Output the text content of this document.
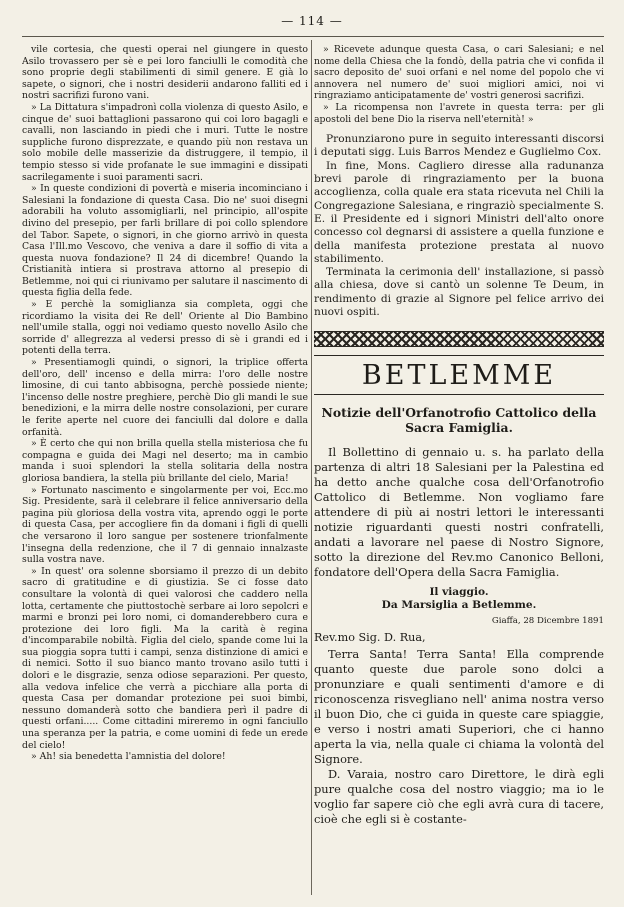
— 114 —

vile cortesia, che questi operai nel giungere in questo Asilo trovassero per sè e pei loro fanciulli le comodità che sono proprie degli stabilimenti di simil genere. E già lo sapete, o signori, che i nostri desiderii andarono falliti ed i nostri sacrifizi furono vani.

» La Dittatura s'impadronì colla violenza di questo Asilo, e cinque de' suoi battaglioni passarono qui coi loro bagagli e cavalli, non lasciando in piedi che i muri. Tutte le nostre suppliche furono disprezzate, e quando più non restava un solo mobile delle masserizie da distruggere, il tempio, il tempio stesso si vide profanate le sue immagini e dissipati sacrilegamente i suoi paramenti sacri.

» In queste condizioni di povertà e miseria incominciano i Salesiani la fondazione di questa Casa. Dio ne' suoi disegni adorabili ha voluto assomigliarli, nel principio, all'ospite divino del presepio, per farli brillare di poi collo splendore del Tabor. Sapete, o signori, in che giorno arrivò in questa Casa l'Ill.mo Vescovo, che veniva a dare il soffio di vita a questa nuova fondazione? Il 24 di dicembre! Quando la Cristianità intiera si prostrava attorno al presepio di Betlemme, noi qui ci riunivamo per salutare il nascimento di questa figlia della fede.

» E perchè la somiglianza sia completa, oggi che ricordiamo la visita dei Re dell' Oriente al Dio Bambino nell'umile stalla, oggi noi vediamo questo novello Asilo che sorride d' allegrezza al vedersi presso di sè i grandi ed i potenti della terra.

» Presentiamogli quindi, o signori, la triplice offerta dell'oro, dell' incenso e della mirra: l'oro delle nostre limosine, di cui tanto abbisogna, perchè possiede niente; l'incenso delle nostre preghiere, perchè Dio gli mandi le sue benedizioni, e la mirra delle nostre consolazioni, per curare le ferite aperte nel cuore dei fanciulli dal dolore e dalla orfanità.

» È certo che qui non brilla quella stella misteriosa che fu compagna e guida dei Magi nel deserto; ma in cambio manda i suoi splendori la stella solitaria della nostra gloriosa bandiera, la stella più brillante del cielo, Maria!

» Fortunato nascimento e singolarmente per voi, Ecc.mo Sig. Presidente, sarà il celebrare il felice anniversario della pagina più gloriosa della vostra vita, aprendo oggi le porte di questa Casa, per accogliere fin da domani i figli di quelli che versarono il loro sangue per sostenere trionfalmente l'insegna della redenzione, che il 7 di gennaio innalzaste sulla vostra nave.

» In quest' ora solenne sborsiamo il prezzo di un debito sacro di gratitudine e di giustizia. Se ci fosse dato consultare la volontà di quei valorosi che caddero nella lotta, certamente che piuttostochè serbare ai loro sepolcri e marmi e bronzi pei loro nomi, ci domanderebbero cura e protezione dei loro figli. Ma la carità è regina d'incomparabile nobiltà. Figlia del cielo, spande come lui la sua pioggia sopra tutti i campi, senza distinzione di amici e di nemici. Sotto il suo bianco manto trovano asilo tutti i dolori e le disgrazie, senza odiose separazioni. Per questo, alla vedova infelice che verrà a picchiare alla porta di questa Casa per domandar protezione pei suoi bimbi, nessuno domanderà sotto che bandiera perì il padre di questi orfani..... Come cittadini mireremo in ogni fanciullo una speranza per la patria, e come uomini di fede un erede del cielo!

» Ah! sia benedetta l'amnistia del dolore!

» Ricevete adunque questa Casa, o cari Salesiani; e nel nome della Chiesa che la fondò, della patria che vi confida il sacro deposito de' suoi orfani e nel nome del popolo che vi annovera nel numero de' suoi migliori amici, noi vi ringraziamo anticipatamente de' vostri generosi sacrifizi.

» La ricompensa non l'avrete in questa terra: per gli apostoli del bene Dio la riserva nell'eternità! »

Pronunziarono pure in seguito interessanti discorsi i deputati sigg. Luis Barros Mendez e Guglielmo Cox.

In fine, Mons. Cagliero diresse alla radunanza brevi parole di ringraziamento per la buona accoglienza, colla quale era stata ricevuta nel Chili la Congregazione Salesiana, e ringraziò specialmente S. E. il Presidente ed i signori Ministri dell'alto onore concesso col degnarsi di assistere a quella funzione e della manifesta protezione prestata al nuovo stabilimento.

Terminata la cerimonia dell' installazione, si passò alla chiesa, dove si cantò un solenne Te Deum, in rendimento di grazie al Signore pel felice arrivo dei nuovi ospiti.

BETLEMME
Notizie dell'Orfanotrofio Cattolico della Sacra Famiglia.

Il Bollettino di gennaio u. s. ha parlato della partenza di altri 18 Salesiani per la Palestina ed ha detto anche qualche cosa dell'Orfanotrofio Cattolico di Betlemme. Non vogliamo fare attendere di più ai nostri lettori le interessanti notizie riguardanti questi nostri confratelli, andati a lavorare nel paese di Nostro Signore, sotto la direzione del Rev.mo Canonico Belloni, fondatore dell'Opera della Sacra Famiglia.

Il viaggio.
Da Marsiglia a Betlemme.
Giaffa, 28 Dicembre 1891
Rev.mo Sig. D. Rua,

Terra Santa! Terra Santa! Ella comprende quanto queste due parole sono dolci a pronunziare e quali sentimenti d'amore e di riconoscenza risvegliano nell' anima nostra verso il buon Dio, che ci guida in queste care spiaggie, e verso i nostri amati Superiori, che ci hanno aperta la via, nella quale ci chiama la volontà del Signore.

D. Varaia, nostro caro Direttore, le dirà egli pure qualche cosa del nostro viaggio; ma io le voglio far sapere ciò che egli avrà cura di tacere, cioè che egli si è costante-
